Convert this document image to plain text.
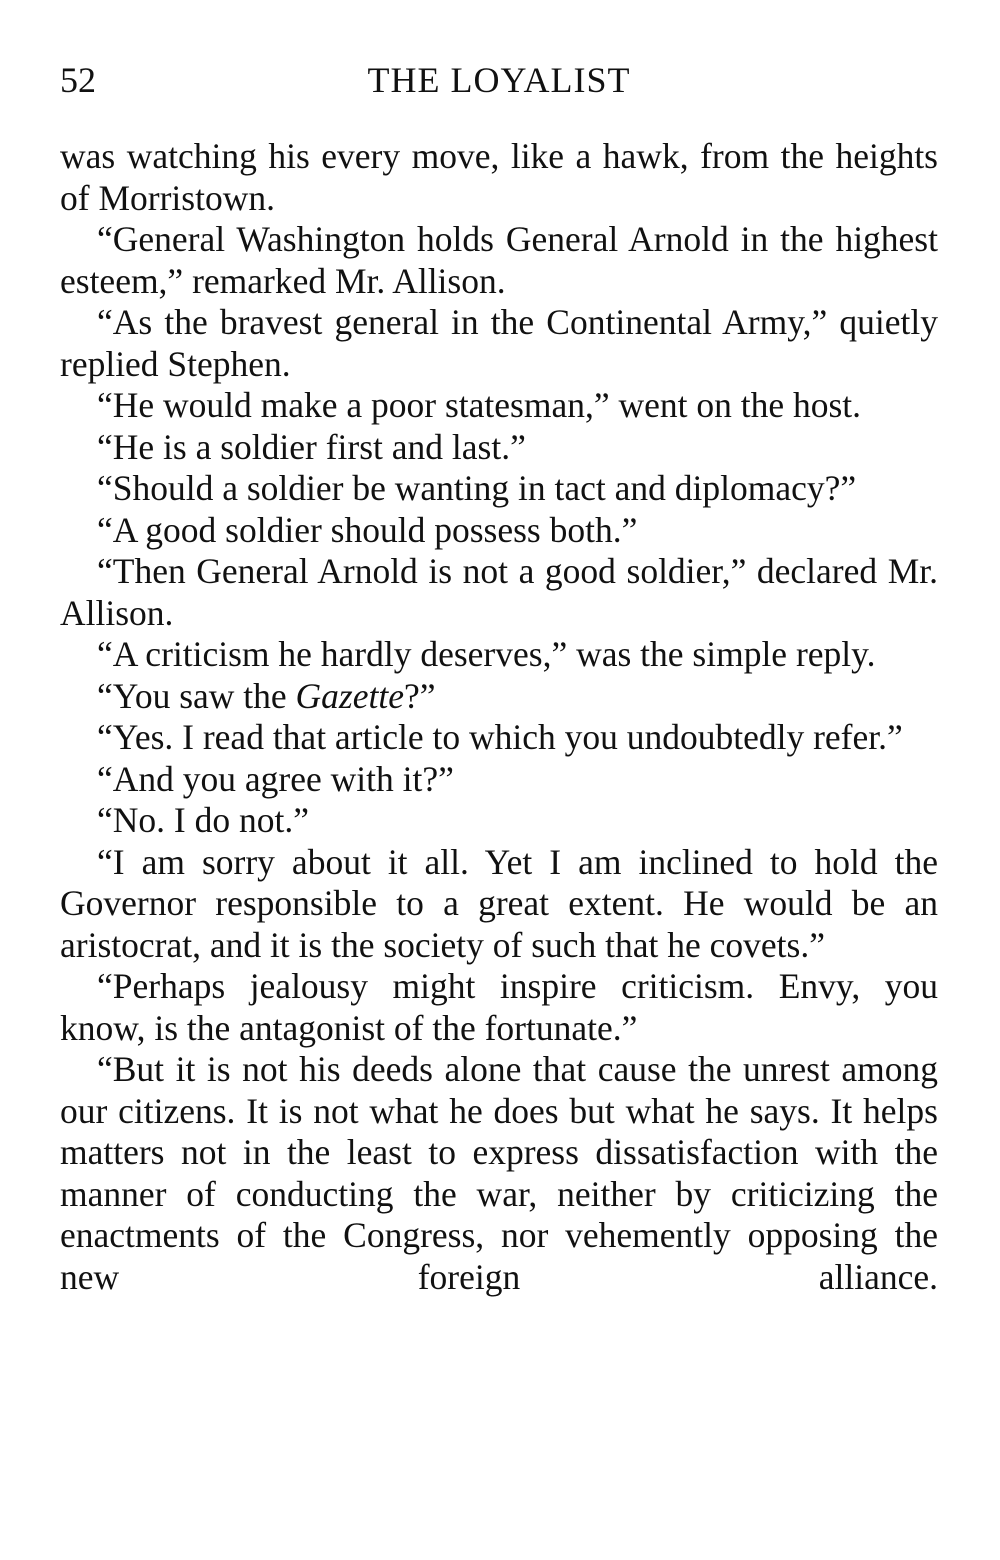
52	THE LOYALIST

was watching his every move, like a hawk, from the heights of Morristown.

“General Washington holds General Arnold in the highest esteem,” remarked Mr. Allison.

“As the bravest general in the Continental Army,” quietly replied Stephen.

“He would make a poor statesman,” went on the host.

“He is a soldier first and last.”

“Should a soldier be wanting in tact and diplomacy?”

“A good soldier should possess both.”

“Then General Arnold is not a good soldier,” declared Mr. Allison.

“A criticism he hardly deserves,” was the simple reply.

“You saw the Gazette?”

“Yes. I read that article to which you undoubtedly refer.”

“And you agree with it?”

“No. I do not.”

“I am sorry about it all. Yet I am inclined to hold the Governor responsible to a great extent. He would be an aristocrat, and it is the society of such that he covets.”

“Perhaps jealousy might inspire criticism. Envy, you know, is the antagonist of the fortunate.”

“But it is not his deeds alone that cause the unrest among our citizens. It is not what he does but what he says. It helps matters not in the least to express dissatisfaction with the manner of conducting the war, neither by criticizing the enactments of the Congress, nor vehemently opposing the new foreign alliance.
